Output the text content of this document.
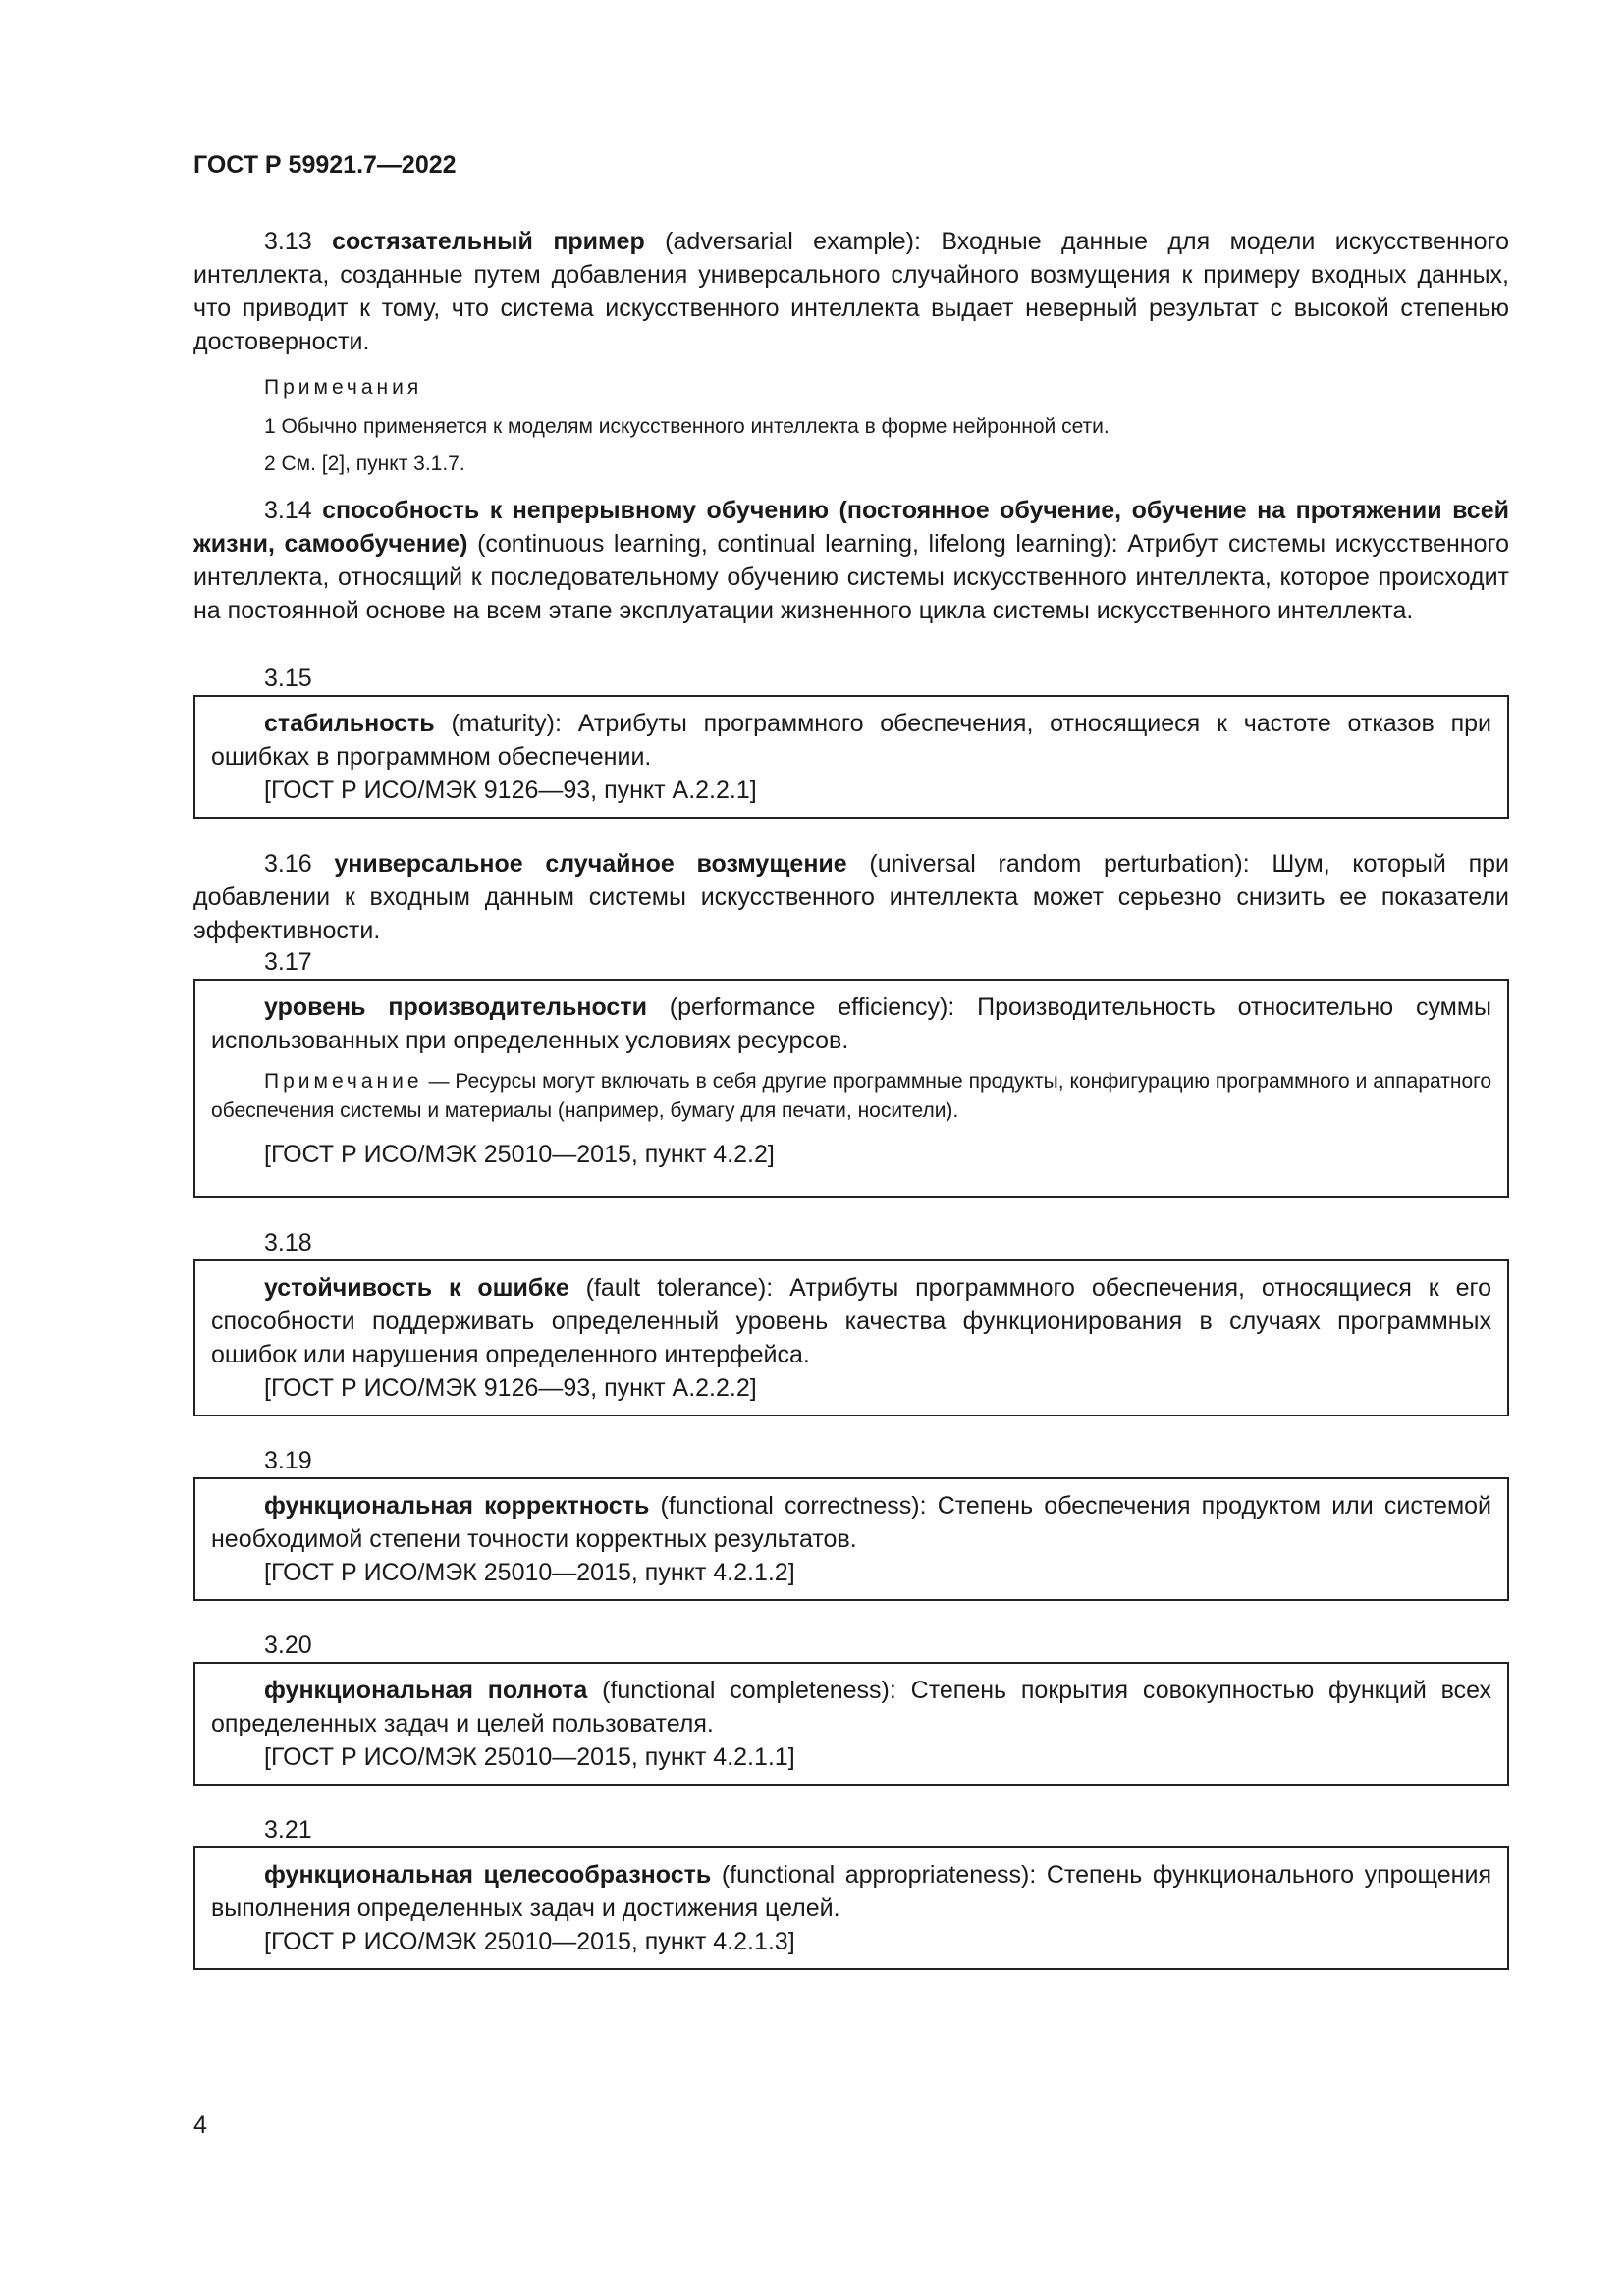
ГОСТ Р 59921.7—2022
3.13 состязательный пример (adversarial example): Входные данные для модели искусственного интеллекта, созданные путем добавления универсального случайного возмущения к примеру входных данных, что приводит к тому, что система искусственного интеллекта выдает неверный результат с высокой степенью достоверности.
Примечания
1 Обычно применяется к моделям искусственного интеллекта в форме нейронной сети.
2 См. [2], пункт 3.1.7.
3.14 способность к непрерывному обучению (постоянное обучение, обучение на протяжении всей жизни, самообучение) (continuous learning, continual learning, lifelong learning): Атрибут системы искусственного интеллекта, относящий к последовательному обучению системы искусственного интеллекта, которое происходит на постоянной основе на всем этапе эксплуатации жизненного цикла системы искусственного интеллекта.
3.15
стабильность (maturity): Атрибуты программного обеспечения, относящиеся к частоте отказов при ошибках в программном обеспечении.
[ГОСТ Р ИСО/МЭК 9126—93, пункт А.2.2.1]
3.16 универсальное случайное возмущение (universal random perturbation): Шум, который при добавлении к входным данным системы искусственного интеллекта может серьезно снизить ее показатели эффективности.
3.17
уровень производительности (performance efficiency): Производительность относительно суммы использованных при определенных условиях ресурсов.
Примечание — Ресурсы могут включать в себя другие программные продукты, конфигурацию программного и аппаратного обеспечения системы и материалы (например, бумагу для печати, носители).
[ГОСТ Р ИСО/МЭК 25010—2015, пункт 4.2.2]
3.18
устойчивость к ошибке (fault tolerance): Атрибуты программного обеспечения, относящиеся к его способности поддерживать определенный уровень качества функционирования в случаях программных ошибок или нарушения определенного интерфейса.
[ГОСТ Р ИСО/МЭК 9126—93, пункт А.2.2.2]
3.19
функциональная корректность (functional correctness): Степень обеспечения продуктом или системой необходимой степени точности корректных результатов.
[ГОСТ Р ИСО/МЭК 25010—2015, пункт 4.2.1.2]
3.20
функциональная полнота (functional completeness): Степень покрытия совокупностью функций всех определенных задач и целей пользователя.
[ГОСТ Р ИСО/МЭК 25010—2015, пункт 4.2.1.1]
3.21
функциональная целесообразность (functional appropriateness): Степень функционального упрощения выполнения определенных задач и достижения целей.
[ГОСТ Р ИСО/МЭК 25010—2015, пункт 4.2.1.3]
4
